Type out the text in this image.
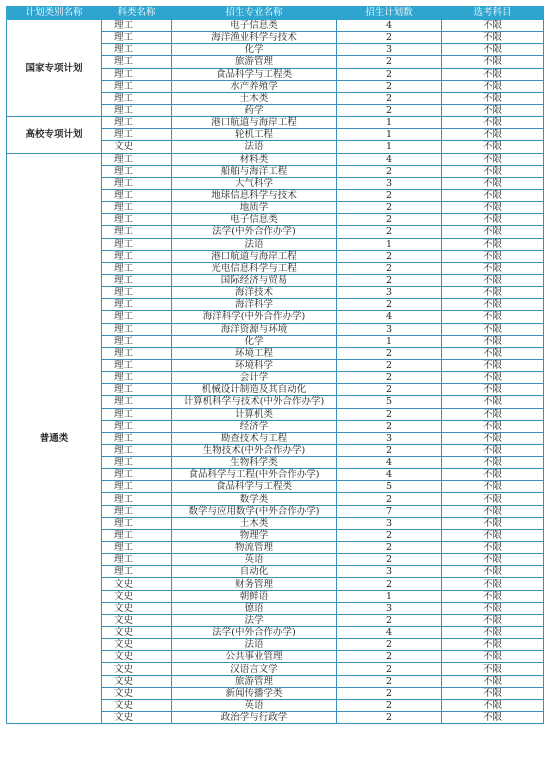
计划类别名称	科类名称	招生专业名称	招生计划数	选考科目
国家专项计划	理工	电子信息类	4	不限
	理工	海洋渔业科学与技术	2	不限
	理工	化学	3	不限
	理工	旅游管理	2	不限
	理工	食品科学与工程类	2	不限
	理工	水产养殖学	2	不限
	理工	土木类	2	不限
	理工	药学	2	不限
高校专项计划	理工	港口航道与海岸工程	1	不限
	理工	轮机工程	1	不限
	文史	法语	1	不限
普通类	理工	材料类	4	不限
	理工	船舶与海洋工程	2	不限
	理工	大气科学	3	不限
	理工	地球信息科学与技术	2	不限
	理工	地质学	2	不限
	理工	电子信息类	2	不限
	理工	法学(中外合作办学)	2	不限
	理工	法语	1	不限
	理工	港口航道与海岸工程	2	不限
	理工	光电信息科学与工程	2	不限
	理工	国际经济与贸易	2	不限
	理工	海洋技术	3	不限
	理工	海洋科学	2	不限
	理工	海洋科学(中外合作办学)	4	不限
	理工	海洋资源与环境	3	不限
	理工	化学	1	不限
	理工	环境工程	2	不限
	理工	环境科学	2	不限
	理工	会计学	2	不限
	理工	机械设计制造及其自动化	2	不限
	理工	计算机科学与技术(中外合作办学)	5	不限
	理工	计算机类	2	不限
	理工	经济学	2	不限
	理工	勘查技术与工程	3	不限
	理工	生物技术(中外合作办学)	2	不限
	理工	生物科学类	4	不限
	理工	食品科学与工程(中外合作办学)	4	不限
	理工	食品科学与工程类	5	不限
	理工	数学类	2	不限
	理工	数学与应用数学(中外合作办学)	7	不限
	理工	土木类	3	不限
	理工	物理学	2	不限
	理工	物流管理	2	不限
	理工	英语	2	不限
	理工	自动化	3	不限
	文史	财务管理	2	不限
	文史	朝鲜语	1	不限
	文史	德语	3	不限
	文史	法学	2	不限
	文史	法学(中外合作办学)	4	不限
	文史	法语	2	不限
	文史	公共事业管理	2	不限
	文史	汉语言文学	2	不限
	文史	旅游管理	2	不限
	文史	新闻传播学类	2	不限
	文史	英语	2	不限
	文史	政治学与行政学	2	不限
